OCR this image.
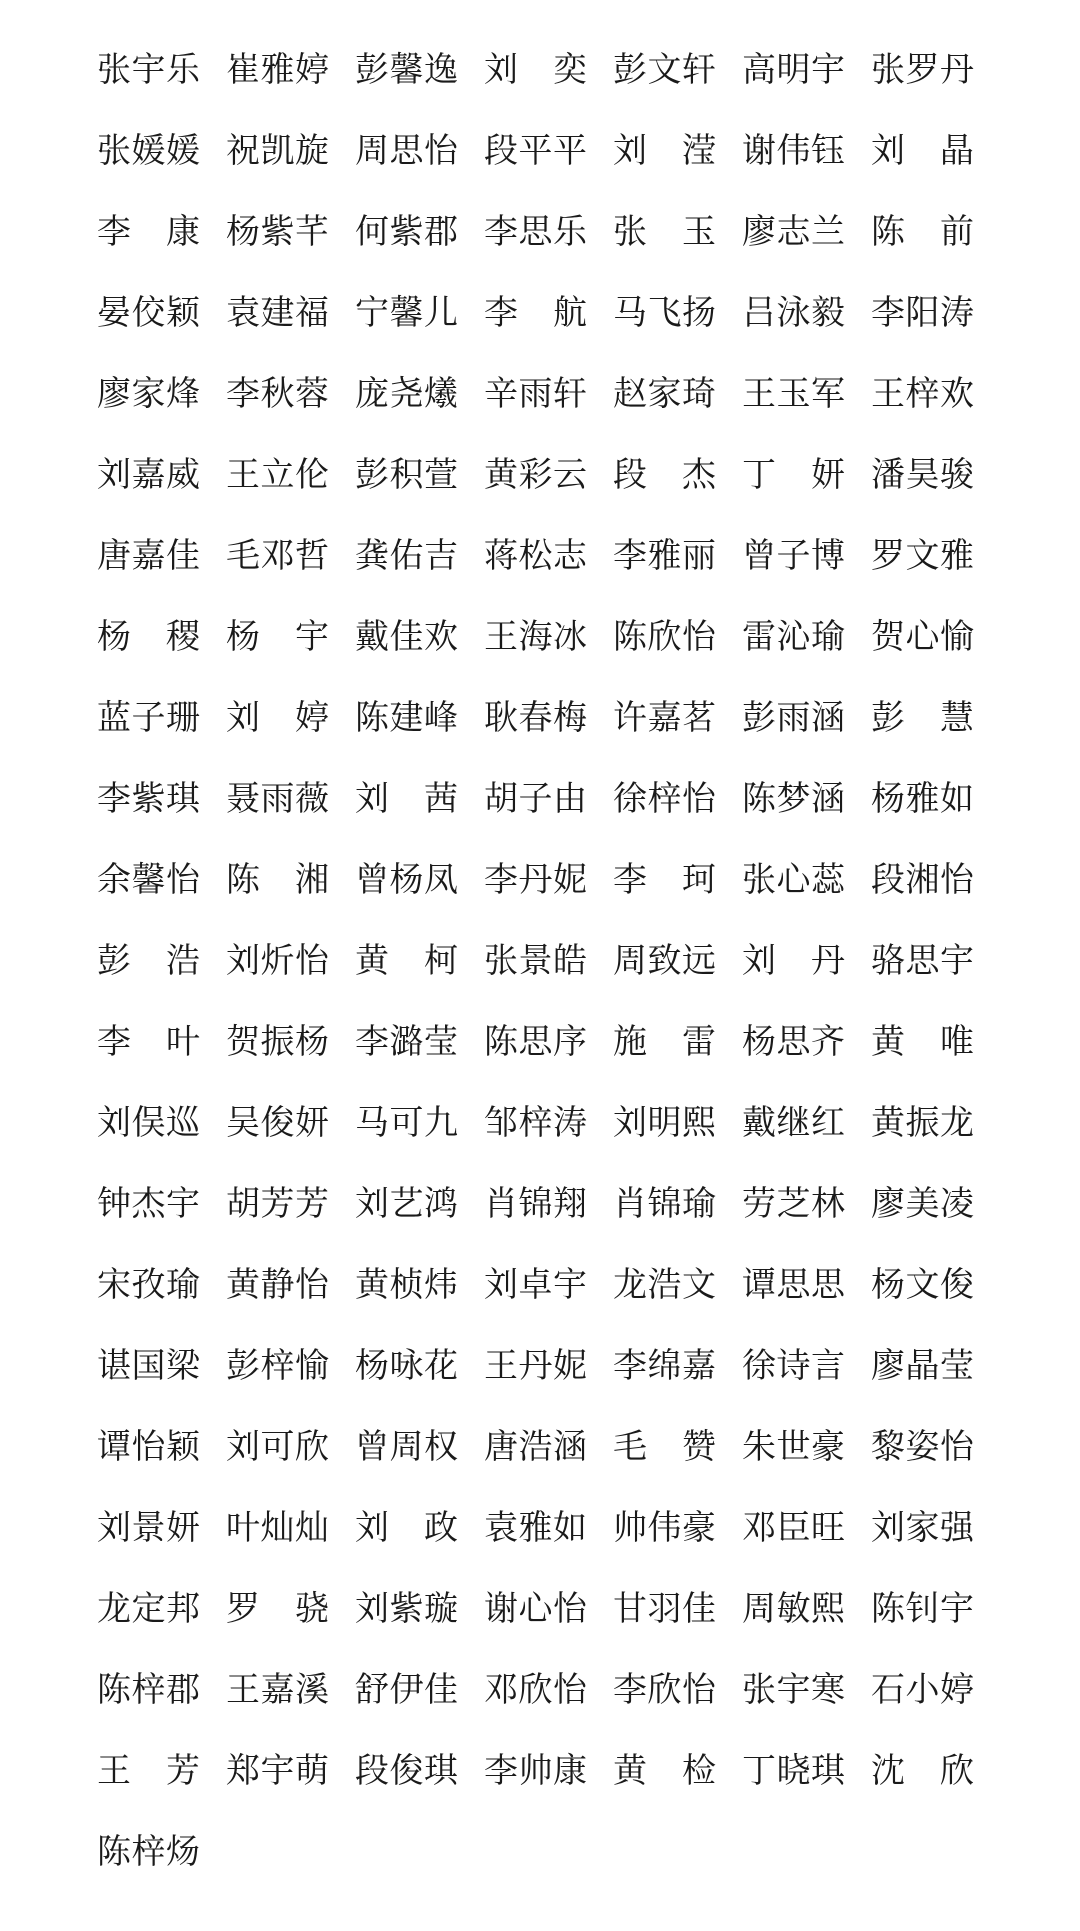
张 宇 乐 崔 雅 婷 彭 馨 逸 刘
　 奕 彭 文 轩 高 明 宇 张 罗 丹
张 媛 媛 祝 凯 旋 周 思 怡 段 平 平 刘
　 滢 谢 伟 钰 刘
　 晶
李
　 康 杨 紫 芊 何 紫 郡 李 思 乐 张
　 玉 廖 志 兰 陈
　 前
晏 佼 颖 袁 建 福 宁 馨 儿 李
　 航 马 飞 扬 吕 泳 毅 李 阳 涛
廖 家 烽 李 秋 蓉 庞 尧 爔 辛 雨 轩 赵 家 琦 王 玉 军 王 梓 欢
刘 嘉 威 王 立 伦 彭 积 萱 黄 彩 云 段
　 杰 丁
　 妍 潘 昊 骏
唐 嘉 佳 毛 邓 哲 龚 佑 吉 蒋 松 志 李 雅 丽 曾 子 博 罗 文 雅
杨
　 稷 杨
　 宇 戴 佳 欢 王 海 冰 陈 欣 怡 雷 沁 瑜 贺 心 愉
蓝 子 珊 刘
　 婷 陈 建 峰 耿 春 梅 许 嘉 茗 彭 雨 涵 彭
　 慧
李 紫 琪 聂 雨 薇 刘
　 茜 胡 子 由 徐 梓 怡 陈 梦 涵 杨 雅 如
余 馨 怡 陈
　 湘 曾 杨 凤 李 丹 妮 李
　 珂 张 心 蕊 段 湘 怡
彭
　 浩 刘 炘 怡 黄
　 柯 张 景 皓 周 致 远 刘
　 丹 骆 思 宇
李
　 叶 贺 振 杨 李 潞 莹 陈 思 序 施
　 雷 杨 思 齐 黄
　 唯
刘 俣 巡 吴 俊 妍 马 可 九 邹 梓 涛 刘 明 熙 戴 继 红 黄 振 龙
钟 杰 宇 胡 芳 芳 刘 艺 鸿 肖 锦 翔 肖 锦 瑜 劳 芝 林 廖 美 凌
宋 孜 瑜 黄 静 怡 黄 桢 炜 刘 卓 宇 龙 浩 文 谭 思 思 杨 文 俊
谌 国 梁 彭 梓 愉 杨 咏 花 王 丹 妮 李 绵 嘉 徐 诗 言 廖 晶 莹
谭 怡 颖 刘 可 欣 曾 周 权 唐 浩 涵 毛
　 赞 朱 世 豪 黎 姿 怡
刘 景 妍 叶 灿 灿 刘
　 政 袁 雅 如 帅 伟 豪 邓 臣 旺 刘 家 强
龙 定 邦 罗
　 骁 刘 紫 璇 谢 心 怡 甘 羽 佳 周 敏 熙 陈 钊 宇
陈 梓 郡 王 嘉 溪 舒 伊 佳 邓 欣 怡 李 欣 怡 张 宇 寒 石 小 婷
王
　 芳 郑 宇 萌 段 俊 琪 李 帅 康 黄
　 检 丁 晓 琪 沈
　 欣
陈 梓 炀
